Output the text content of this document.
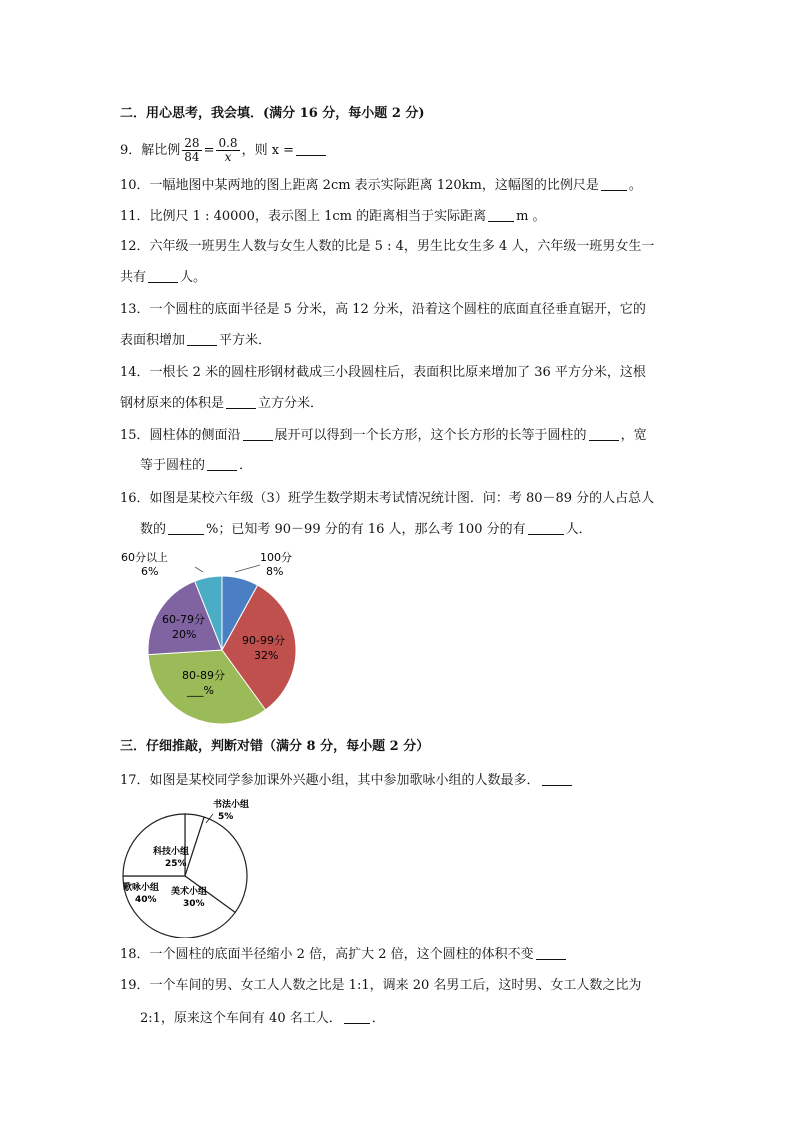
二．用心思考，我会填．(满分 16 分，每小题 2 分)
9．解比例 $\frac{28}{84} = \frac{0.8}{x}$ ，则 x =
10．一幅地图中某两地的图上距离 2cm 表示实际距离 120km，这幅图的比例尺是 。
11．比例尺 1 : 40000，表示图上 1cm 的距离相当于实际距离 m 。
12．六年级一班男生人数与女生人数的比是 5 : 4，男生比女生多 4 人，六年级一班男女生一
共有	人。
13．一个圆柱的底面半径是 5 分米，高 12 分米，沿着这个圆柱的底面直径垂直锯开，它的
表面积增加	平方米．
14．一根长 2 米的圆柱形钢材截成三小段圆柱后，表面积比原来增加了 36 平方分米，这根
钢材原来的体积是	立方分米．
15．圆柱体的侧面沿	展开可以得到一个长方形，这个长方形的长等于圆柱的	，宽
等于圆柱的	．
16．如图是某校六年级（3）班学生数学期末考试情况统计图．问：考 80－89 分的人占总人
数的	%；已知考 90－99 分的有 16 人，那么考 100 分的有	人．
60分以上
6%
100分
8%
60-79分
20%	90-99分
32%
80-89分
___%
三．仔细推敲，判断对错（满分 8 分，每小题 2 分）
17．如图是某校同学参加课外兴趣小组，其中参加歌咏小组的人数最多．
书法小组
5%
科技小组
25%
歌咏小组
40%
美术小组
30%
18．一个圆柱的底面半径缩小 2 倍，高扩大 2 倍，这个圆柱的体积不变
19．一个车间的男、女工人人数之比是 1:1，调来 20 名男工后，这时男、女工人数之比为
2:1，原来这个车间有 40 名工人． ．
